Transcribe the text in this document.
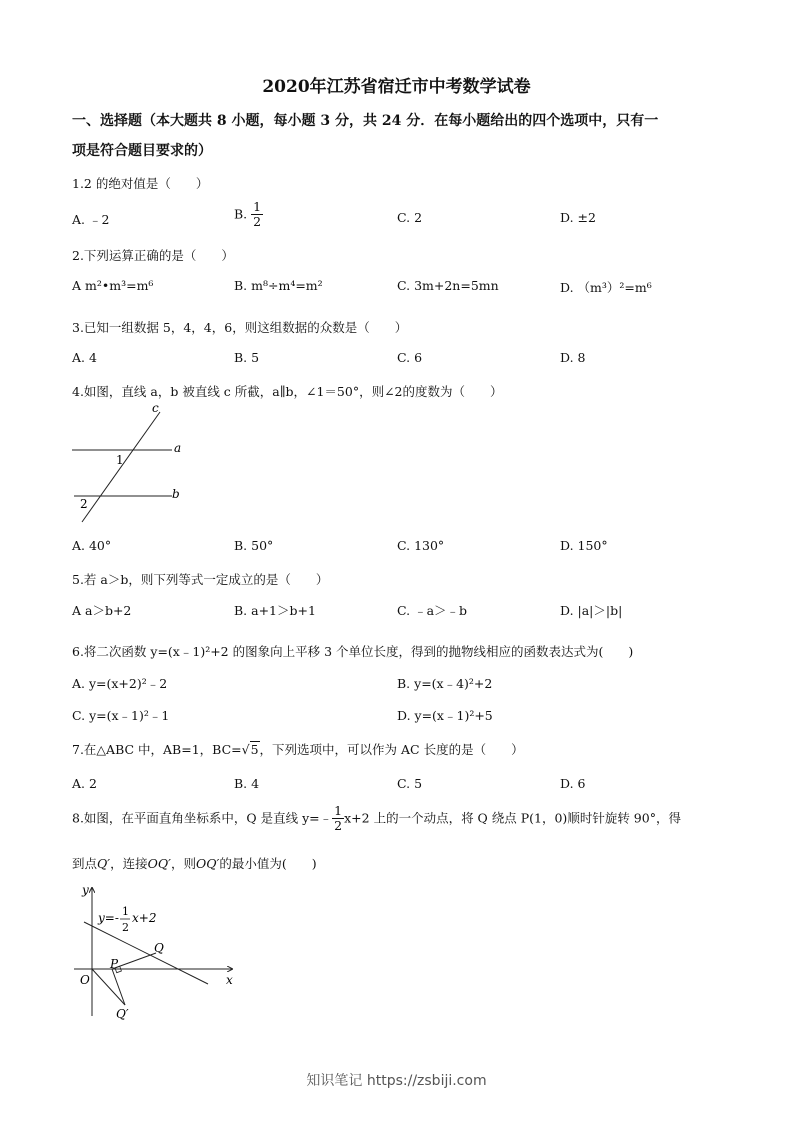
2020年江苏省宿迁市中考数学试卷
一、选择题（本大题共 8 小题，每小题 3 分，共 24 分．在每小题给出的四个选项中，只有一
项是符合题目要求的）
1.2 的绝对值是（　　）
A. ﹣2	B. $\frac{1}{2}$	C. 2	D. ±2
2.下列运算正确的是（　　）
A m²•m³=m⁶	B. m⁸÷m⁴=m²	C. 3m+2n=5mn	D. （m³）²=m⁶
3.已知一组数据 5，4，4，6，则这组数据的众数是（　　）
A. 4	B. 5	C. 6	D. 8
4.如图，直线 a，b 被直线 c 所截，a∥b，∠1＝50°，则∠2的度数为（　　）
c
a
b
1
2
A. 40°	B. 50°	C. 130°	D. 150°
5.若 a＞b，则下列等式一定成立的是（　　）
A a＞b+2	B. a+1＞b+1	C. ﹣a＞﹣b	D. |a|＞|b|
6.将二次函数 y=(x﹣1)²+2 的图象向上平移 3 个单位长度，得到的抛物线相应的函数表达式为(　　)
A. y=(x+2)²﹣2	B. y=(x﹣4)²+2
C. y=(x﹣1)²﹣1	D. y=(x﹣1)²+5
7.在△ABC 中，AB=1，BC=√5，下列选项中，可以作为 AC 长度的是（　　）
A. 2	B. 4	C. 5	D. 6
8.如图，在平面直角坐标系中，Q 是直线 y=﹣ $\frac{1}{2} x+2$ 上的一个动点，将 Q 绕点 P(1，0)顺时针旋转 90°，得
到点Q′，连接OQ′，则OQ′的最小值为(　　)
y
x
O
P
Q
Q′
y=- 1
2
x+2
知识笔记 https://zsbiji.com
